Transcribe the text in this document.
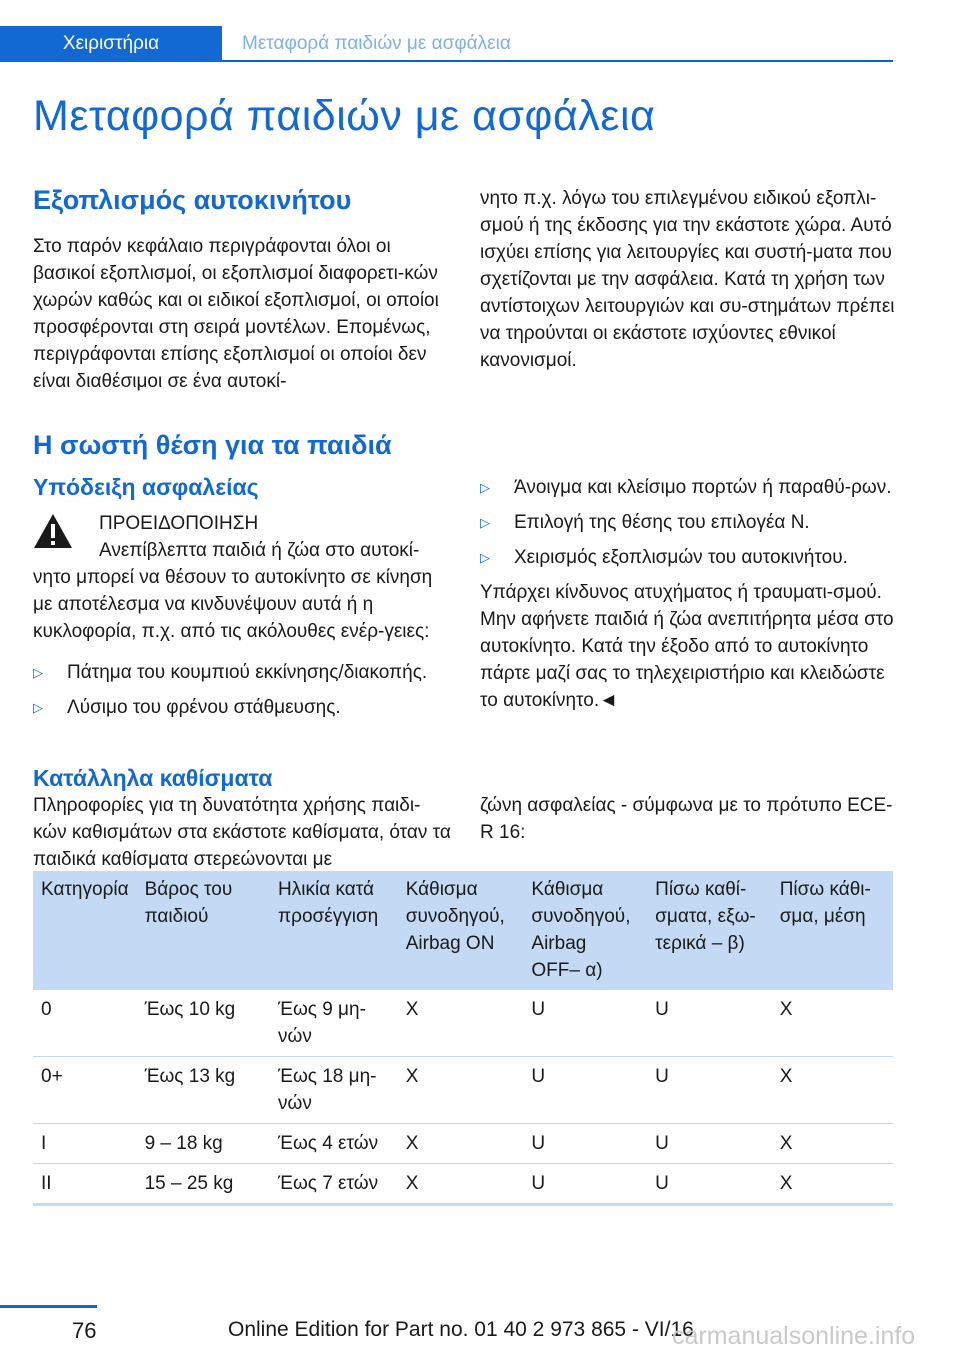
Χειριστήρια	Μεταφορά παιδιών με ασφάλεια
Μεταφορά παιδιών με ασφάλεια
Εξοπλισμός αυτοκινήτου
Στο παρόν κεφάλαιο περιγράφονται όλοι οι βασικοί εξοπλισμοί, οι εξοπλισμοί διαφορετι‐κών χωρών καθώς και οι ειδικοί εξοπλισμοί, οι οποίοι προσφέρονται στη σειρά μοντέλων. Επομένως, περιγράφονται επίσης εξοπλισμοί οι οποίοι δεν είναι διαθέσιμοι σε ένα αυτοκί‐
νητο π.χ. λόγω του επιλεγμένου ειδικού εξοπλι‐σμού ή της έκδοσης για την εκάστοτε χώρα. Αυτό ισχύει επίσης για λειτουργίες και συστή‐ματα που σχετίζονται με την ασφάλεια. Κατά τη χρήση των αντίστοιχων λειτουργιών και συ‐στημάτων πρέπει να τηρούνται οι εκάστοτε ισχύοντες εθνικοί κανονισμοί.
Η σωστή θέση για τα παιδιά
Υπόδειξη ασφαλείας
ΠΡΟΕΙΔΟΠΟΙΗΣΗ
Ανεπίβλεπτα παιδιά ή ζώα στο αυτοκί‐
νητο μπορεί να θέσουν το αυτοκίνητο σε κίνηση με αποτέλεσμα να κινδυνέψουν αυτά ή η κυκλοφορία, π.χ. από τις ακόλουθες ενέρ‐γειες:
▷ Πάτημα του κουμπιού εκκίνησης/διακοπής.
▷ Λύσιμο του φρένου στάθμευσης.
▷ Άνοιγμα και κλείσιμο πορτών ή παραθύ‐ρων.
▷ Επιλογή της θέσης του επιλογέα N.
▷ Χειρισμός εξοπλισμών του αυτοκινήτου.
Υπάρχει κίνδυνος ατυχήματος ή τραυματι‐σμού. Μην αφήνετε παιδιά ή ζώα ανεπιτήρητα μέσα στο αυτοκίνητο. Κατά την έξοδο από το αυτοκίνητο πάρτε μαζί σας το τηλεχειριστήριο και κλειδώστε το αυτοκίνητο.◄
Κατάλληλα καθίσματα
Πληροφορίες για τη δυνατότητα χρήσης παιδι‐κών καθισμάτων στα εκάστοτε καθίσματα, όταν τα παιδικά καθίσματα στερεώνονται με
ζώνη ασφαλείας - σύμφωνα με το πρότυπο ECE-R 16:
Κατηγορία	Βάρος του παιδιού	Ηλικία κατά προσέγγιση	Κάθισμα συνοδηγού, Airbag ON	Κάθισμα συνοδηγού, Airbag OFF– α)	Πίσω καθί‐σματα, εξω‐τερικά – β)	Πίσω κάθι‐σμα, μέση
0	Έως 10 kg	Έως 9 μη‐νών	X	U	U	X
0+	Έως 13 kg	Έως 18 μη‐νών	X	U	U	X
I	9 – 18 kg	Έως 4 ετών	X	U	U	X
II	15 – 25 kg	Έως 7 ετών	X	U	U	X
76	Online Edition for Part no. 01 40 2 973 865 - VI/16
carmanualsonline.info
